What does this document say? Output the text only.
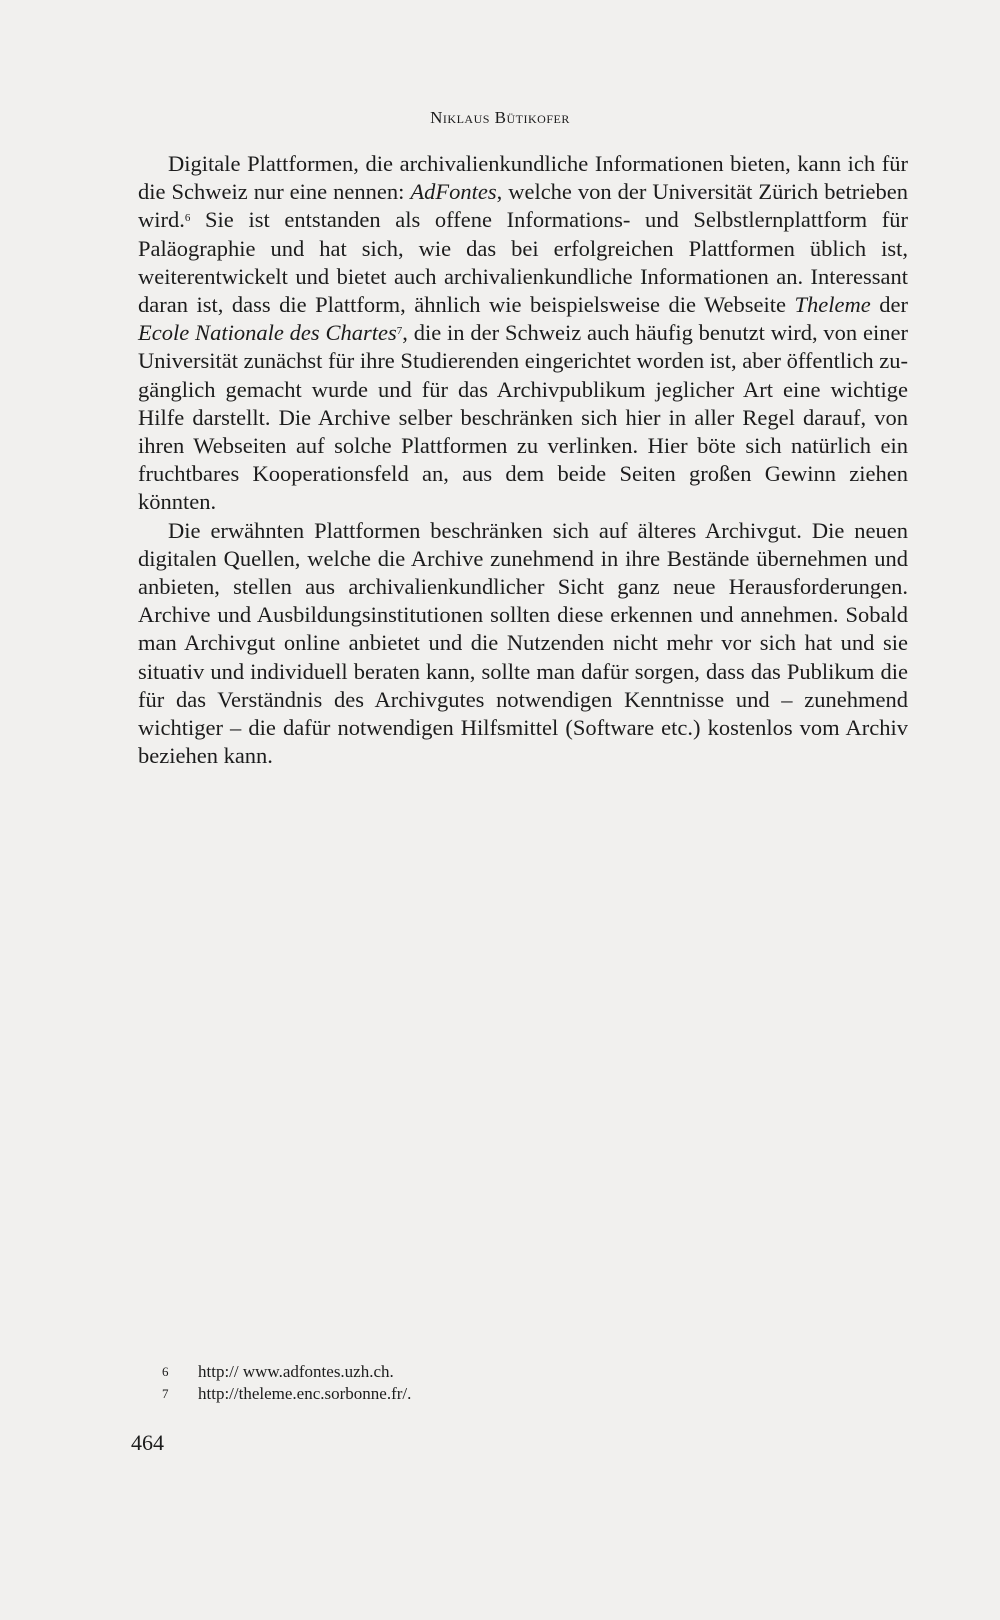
Niklaus Bütikofer

Digitale Plattformen, die archivalienkundliche Informationen bieten, kann ich für die Schweiz nur eine nennen: AdFontes, welche von der Universität Zürich betrieben wird.$^6$ Sie ist entstanden als offene Informations- und Selbstlernplattform für Paläographie und hat sich, wie das bei erfolgreichen Plattformen üblich ist, weiterentwickelt und bietet auch archivalienkundliche Informationen an. Interessant daran ist, dass die Plattform, ähnlich wie beispielsweise die Webseite Theleme der Ecole Nationale des Chartes$^7$, die in der Schweiz auch häufig benutzt wird, von einer Universität zunächst für ihre Studierenden eingerichtet worden ist, aber öffentlich zugänglich gemacht wurde und für das Archivpublikum jeglicher Art eine wichtige Hilfe darstellt. Die Archive selber beschränken sich hier in aller Regel darauf, von ihren Webseiten auf solche Plattformen zu verlinken. Hier böte sich natürlich ein fruchtbares Kooperationsfeld an, aus dem beide Seiten großen Gewinn ziehen könnten.

Die erwähnten Plattformen beschränken sich auf älteres Archivgut. Die neuen digitalen Quellen, welche die Archive zunehmend in ihre Bestände übernehmen und anbieten, stellen aus archivalienkundlicher Sicht ganz neue Herausforderungen. Archive und Ausbildungsinstitutionen sollten diese erkennen und annehmen. Sobald man Archivgut online anbietet und die Nutzenden nicht mehr vor sich hat und sie situativ und individuell beraten kann, sollte man dafür sorgen, dass das Publikum die für das Verständnis des Archivgutes notwendigen Kenntnisse und – zunehmend wichtiger – die dafür notwendigen Hilfsmittel (Software etc.) kostenlos vom Archiv beziehen kann.

6	http:// www.adfontes.uzh.ch.
7	http://theleme.enc.sorbonne.fr/.
464
